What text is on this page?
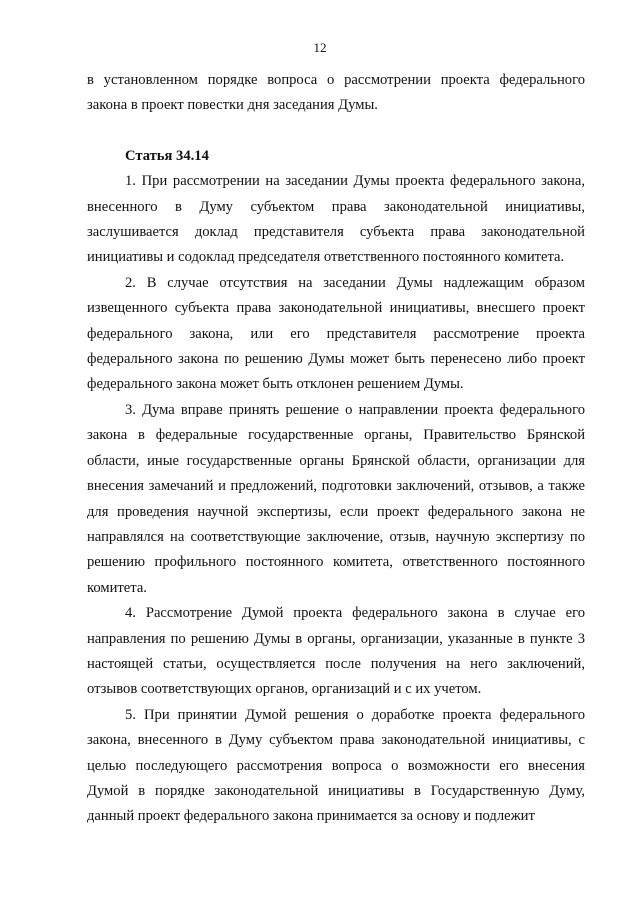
12

в установленном порядке вопроса о рассмотрении проекта федерального закона в проект повестки дня заседания Думы.

Статья 34.14

1. При рассмотрении на заседании Думы проекта федерального закона, внесенного в Думу субъектом права законодательной инициативы, заслушивается доклад представителя субъекта права законодательной инициативы и содоклад председателя ответственного постоянного комитета.

2. В случае отсутствия на заседании Думы надлежащим образом извещенного субъекта права законодательной инициативы, внесшего проект федерального закона, или его представителя рассмотрение проекта федерального закона по решению Думы может быть перенесено либо проект федерального закона может быть отклонен решением Думы.

3. Дума вправе принять решение о направлении проекта федерального закона в федеральные государственные органы, Правительство Брянской области, иные государственные органы Брянской области, организации для внесения замечаний и предложений, подготовки заключений, отзывов, а также для проведения научной экспертизы, если проект федерального закона не направлялся на соответствующие заключение, отзыв, научную экспертизу по решению профильного постоянного комитета, ответственного постоянного комитета.

4. Рассмотрение Думой проекта федерального закона в случае его направления по решению Думы в органы, организации, указанные в пункте 3 настоящей статьи, осуществляется после получения на него заключений, отзывов соответствующих органов, организаций и с их учетом.

5. При принятии Думой решения о доработке проекта федерального закона, внесенного в Думу субъектом права законодательной инициативы, с целью последующего рассмотрения вопроса о возможности его внесения Думой в порядке законодательной инициативы в Государственную Думу, данный проект федерального закона принимается за основу и подлежит
